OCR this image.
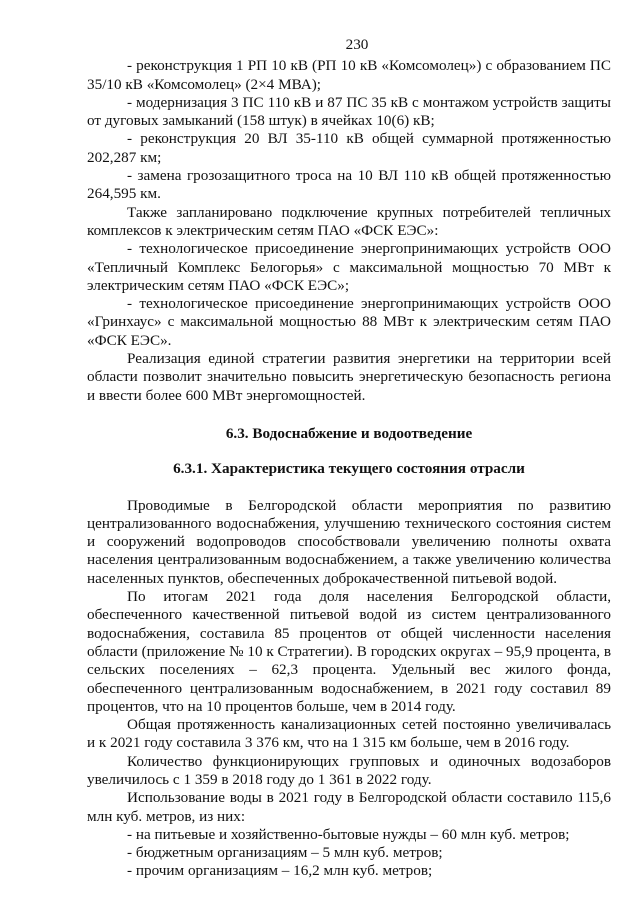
230

- реконструкция 1 РП 10 кВ (РП 10 кВ «Комсомолец») с образованием ПС 35/10 кВ «Комсомолец» (2×4 МВА);

- модернизация 3 ПС 110 кВ и 87 ПС 35 кВ с монтажом устройств защиты от дуговых замыканий (158 штук) в ячейках 10(6) кВ;

- реконструкция 20 ВЛ 35-110 кВ общей суммарной протяженностью 202,287 км;

- замена грозозащитного троса на 10 ВЛ 110 кВ общей протяженностью 264,595 км.

Также запланировано подключение крупных потребителей тепличных комплексов к электрическим сетям ПАО «ФСК ЕЭС»:

- технологическое присоединение энергопринимающих устройств ООО «Тепличный Комплекс Белогорья» с максимальной мощностью 70 МВт к электрическим сетям ПАО «ФСК ЕЭС»;

- технологическое присоединение энергопринимающих устройств ООО «Гринхаус» с максимальной мощностью 88 МВт к электрическим сетям ПАО «ФСК ЕЭС».

Реализация единой стратегии развития энергетики на территории всей области позволит значительно повысить энергетическую безопасность региона и ввести более 600 МВт энергомощностей.

6.3. Водоснабжение и водоотведение
6.3.1. Характеристика текущего состояния отрасли

Проводимые в Белгородской области мероприятия по развитию централизованного водоснабжения, улучшению технического состояния систем и сооружений водопроводов способствовали увеличению полноты охвата населения централизованным водоснабжением, а также увеличению количества населенных пунктов, обеспеченных доброкачественной питьевой водой.

По итогам 2021 года доля населения Белгородской области, обеспеченного качественной питьевой водой из систем централизованного водоснабжения, составила 85 процентов от общей численности населения области (приложение № 10 к Стратегии). В городских округах – 95,9 процента, в сельских поселениях – 62,3 процента. Удельный вес жилого фонда, обеспеченного централизованным водоснабжением, в 2021 году составил 89 процентов, что на 10 процентов больше, чем в 2014 году.

Общая протяженность канализационных сетей постоянно увеличивалась и к 2021 году составила 3 376 км, что на 1 315 км больше, чем в 2016 году.

Количество функционирующих групповых и одиночных водозаборов увеличилось с 1 359 в 2018 году до 1 361 в 2022 году.

Использование воды в 2021 году в Белгородской области составило 115,6 млн куб. метров, из них:

- на питьевые и хозяйственно-бытовые нужды – 60 млн куб. метров;

- бюджетным организациям – 5 млн куб. метров;

- прочим организациям – 16,2 млн куб. метров;
